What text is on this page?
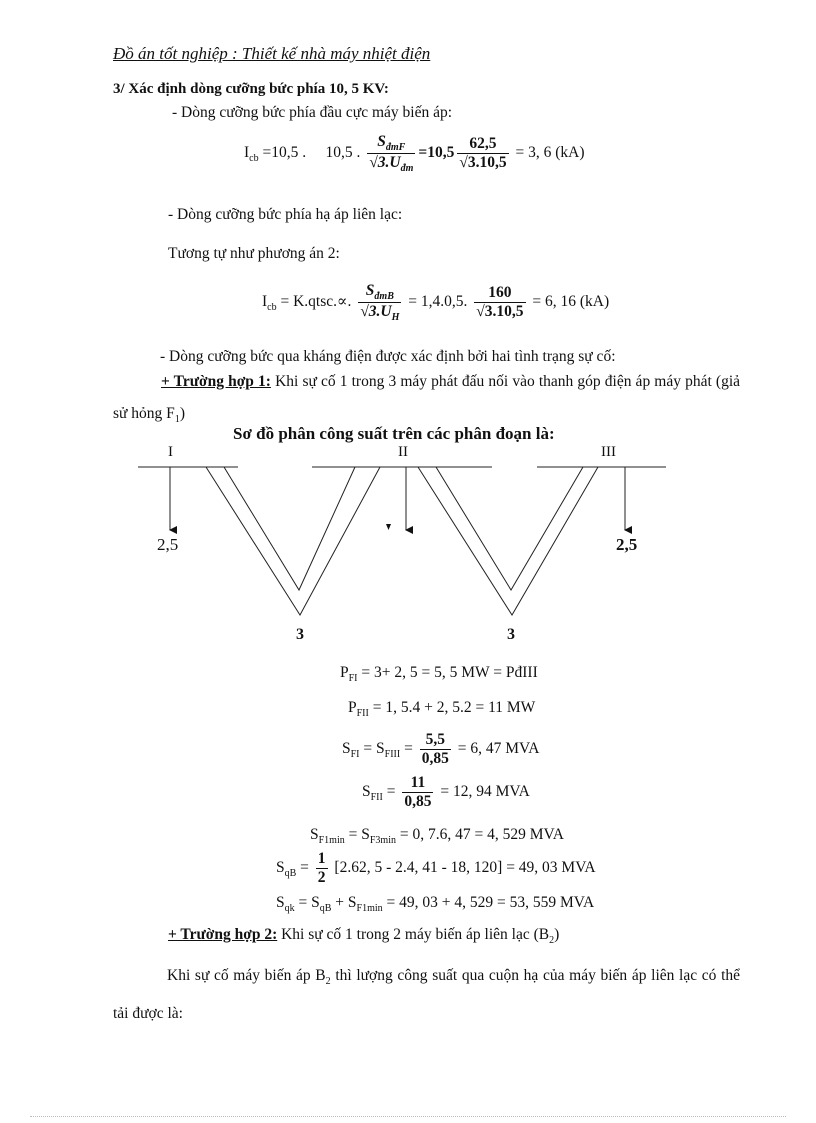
Đồ án tốt nghiệp : Thiết kế nhà máy nhiệt điện
3/ Xác định dòng cưỡng bức phía 10, 5 KV:
- Dòng cưỡng bức phía đầu cực máy biến áp:
$I_{cb} =10,5$ .     10,5 . $\frac{S_{đmF}}{√3.U_{đm}} =10,5 \frac{62,5}{√3.10,5} = 3$, 6 (kA)
- Dòng cưỡng bức phía hạ áp liên lạc:
Tương tự như phương án 2:
$I_{cb}$ = K.qtsc.∝. $\frac{S_{đmB}}{√3.U_H} = 1,4.0,5$. $\frac{160}{√3.10,5} = 6$, 16 (kA)
- Dòng cưỡng bức qua kháng điện được xác định bởi hai tình trạng sự cố:
+ Trường hợp 1: Khi sự cố 1 trong 3 máy phát đấu nối vào thanh góp điện áp máy phát (giả sử hỏng $F_1$)
Sơ đồ phân công suất trên các phân đoạn là:
I	II	III
2,5	2,5
3	3
$P_{FI} = 3+ 2$, 5 = 5, 5 MW = PđIII
$P_{FII} = 1$, 5.4 + 2, 5.2 = 11 MW
$S_{FI} = S_{FIII} = \frac{5,5}{0,85} = 6$, 47 MVA
$S_{FII} = \frac{11}{0,85} = 12$, 94 MVA
$S_{F1min} = S_{F3min} = 0$, 7.6, 47 = 4, 529 MVA
$S_{qB} = \frac{1}{2} [2.62$, 5 - 2.4, 41 - 18, 120] = 49, 03 MVA
$S_{qk} = S_{qB} + S_{F1min} = 49$, 03 + 4, 529 = 53, 559 MVA
+ Trường hợp 2: Khi sự cố 1 trong 2 máy biến áp liên lạc $(B_2)$
Khi sự cố máy biến áp $B_2$ thì lượng công suất qua cuộn hạ của máy biến áp liên lạc có thể tải được là:
